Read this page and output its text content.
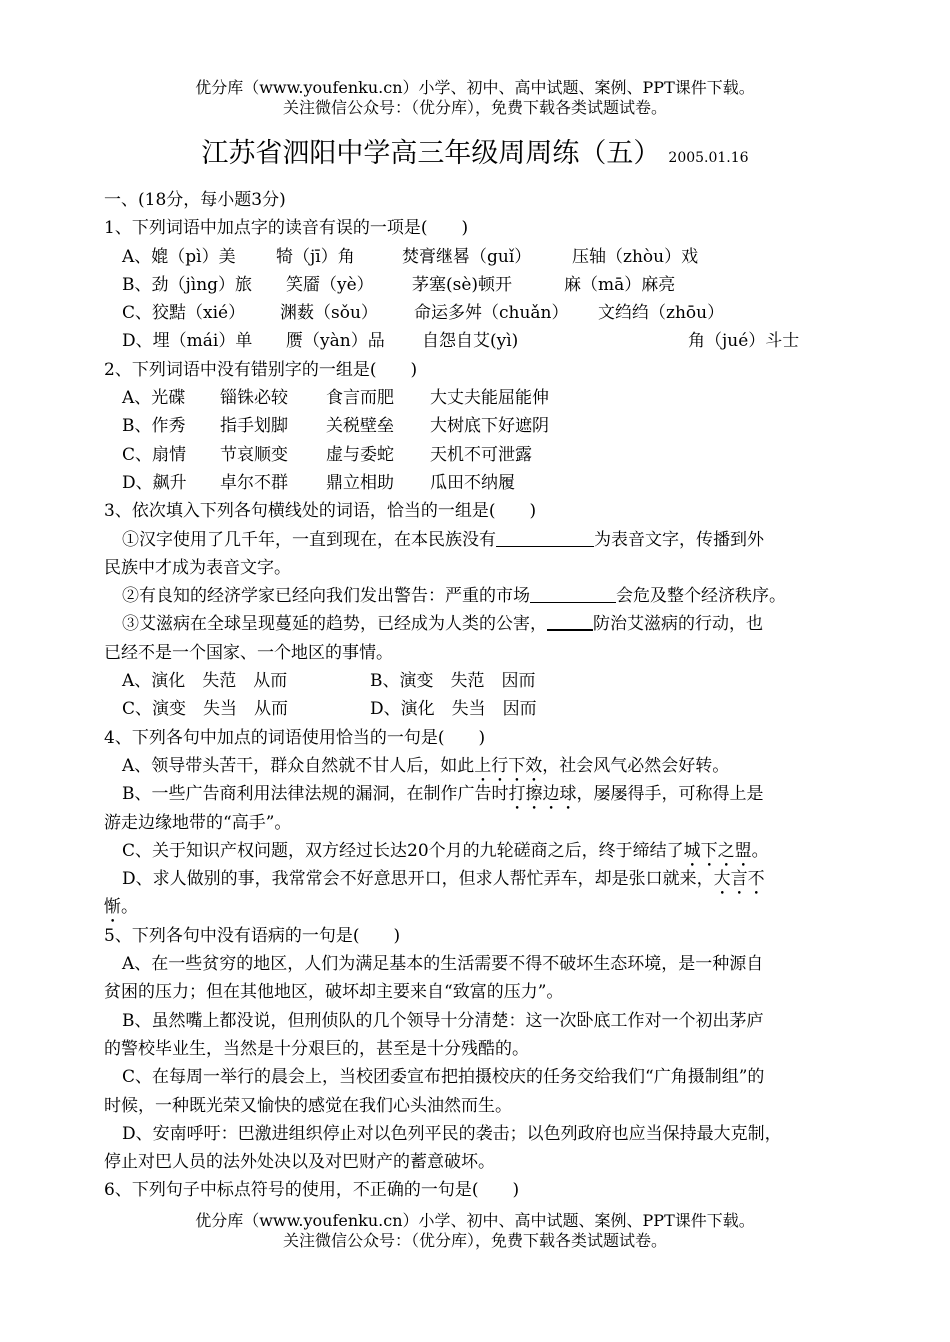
优分库（www.youfenku.cn）小学、初中、高中试题、案例、PPT课件下载。
关注微信公众号：（优分库），免费下载各类试题试卷。
江苏省泗阳中学高三年级周周练（五） 2005.01.16
一、(18分，每小题3分)
1、下列词语中加点字的读音有误的一项是(　　)
A、媲（pì）美 犄（jī）角	焚膏继晷（guǐ） 压轴（zhòu）戏
B、劲（jìng）旅 笑靥（yè） 茅塞(sè)顿开	麻（mā）麻亮
C、狡黠（xié） 渊薮（sǒu） 命运多舛（chuǎn） 文绉绉（zhōu）
D、埋（mái）单 赝（yàn）品 自怨自艾(yì)	角（jué）斗士
2、下列词语中没有错别字的一组是(　　)
A、光碟 锱铢必较 食言而肥 大丈夫能屈能伸
B、作秀 指手划脚 关税壁垒 大树底下好遮阴
C、扇情 节哀顺变 虚与委蛇 天机不可泄露
D、飙升 卓尔不群 鼎立相助 瓜田不纳履
3、依次填入下列各句横线处的词语，恰当的一组是(　　)
①汉字使用了几千年，一直到现在，在本民族没有	为表音文字，传播到外
民族中才成为表音文字。
②有良知的经济学家已经向我们发出警告：严重的市场	会危及整个经济秩序。
③艾滋病在全球呈现蔓延的趋势，已经成为人类的公害，	防治艾滋病的行动，也
已经不是一个国家、一个地区的事情。
A、演化　失范　从而	B、演变　失范　因而
C、演变　失当　从而	D、演化　失当　因而
4、下列各句中加点的词语使用恰当的一句是(　　)
A、领导带头苦干，群众自然就不甘人后，如此上行下效，社会风气必然会好转。
B、一些广告商利用法律法规的漏洞，在制作广告时打擦边球，屡屡得手，可称得上是
游走边缘地带的“高手”。
C、关于知识产权问题，双方经过长达20个月的九轮磋商之后，终于缔结了城下之盟。
D、求人做别的事，我常常会不好意思开口，但求人帮忙弄车，却是张口就来，大言不
惭。
5、下列各句中没有语病的一句是(　　)
A、在一些贫穷的地区，人们为满足基本的生活需要不得不破坏生态环境，是一种源自
贫困的压力；但在其他地区，破坏却主要来自“致富的压力”。
B、虽然嘴上都没说，但刑侦队的几个领导十分清楚：这一次卧底工作对一个初出茅庐
的警校毕业生，当然是十分艰巨的，甚至是十分残酷的。
C、在每周一举行的晨会上，当校团委宣布把拍摄校庆的任务交给我们“广角摄制组”的
时候，一种既光荣又愉快的感觉在我们心头油然而生。
D、安南呼吁：巴激进组织停止对以色列平民的袭击；以色列政府也应当保持最大克制，
停止对巴人员的法外处决以及对巴财产的蓄意破坏。
6、下列句子中标点符号的使用，不正确的一句是(　　)
优分库（www.youfenku.cn）小学、初中、高中试题、案例、PPT课件下载。
关注微信公众号：（优分库），免费下载各类试题试卷。
